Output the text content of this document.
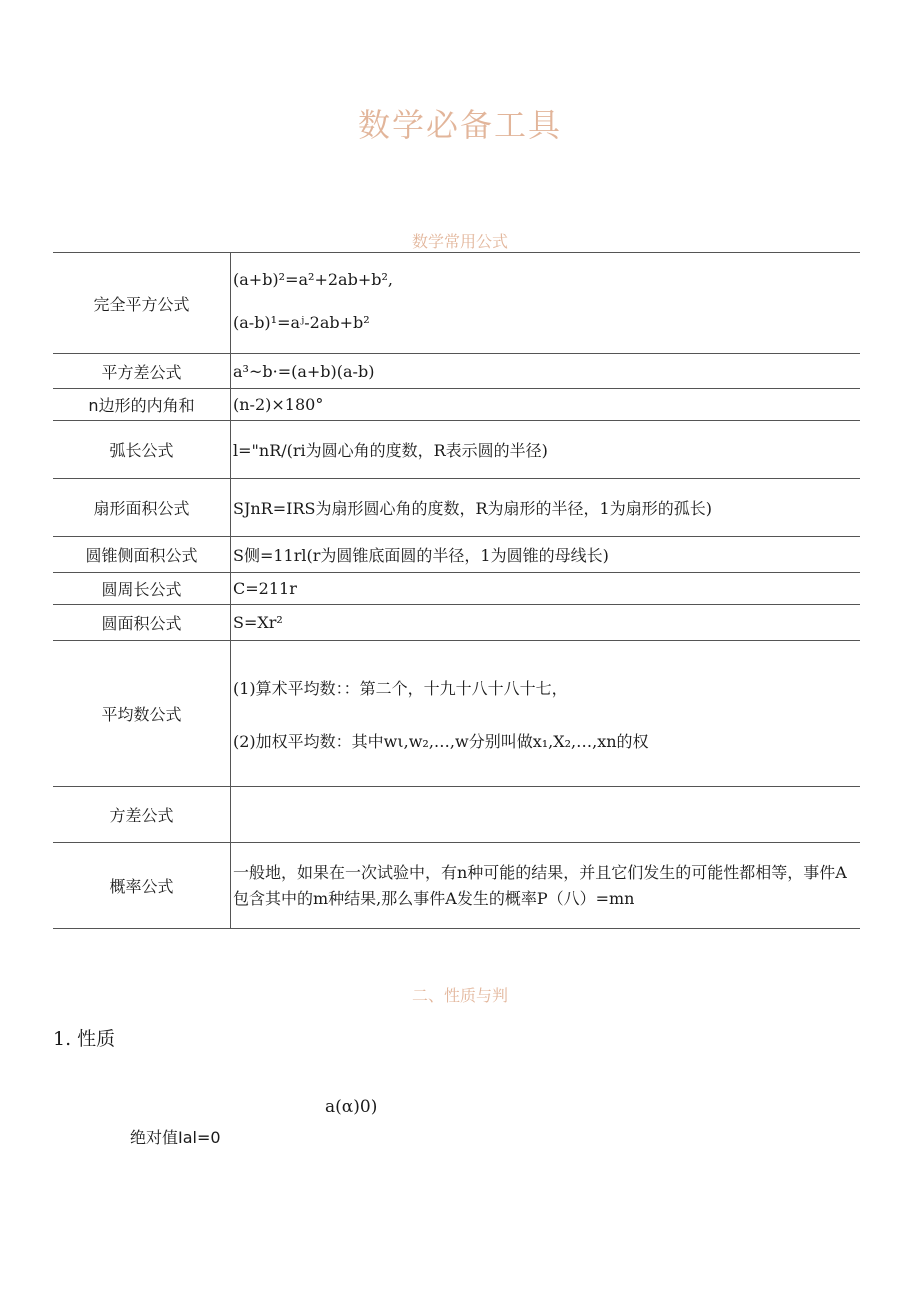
数学必备工具
数学常用公式
完全平方公式	(a+b)²=a²+2ab+b²,
(a-b)¹=aʲ-2ab+b²

平方差公式	a³~b·=(a+b)(a-b)

n边形的内角和	(n-2)×180°

弧长公式	l="nR/(ri为圆心角的度数，R表示圆的半径)

扇形面积公式	SJnR=IRS为扇形圆心角的度数，R为扇形的半径，1为扇形的孤长)

圆锥侧面积公式	S侧=11rl(r为圆锥底面圆的半径，1为圆锥的母线长)

圆周长公式	C=211r

圆面积公式	S=Xr²

平均数公式	(1)算术平均数：：第二个，十九十八十八十七，
(2)加权平均数：其中wι,w₂,…,w分别叫做x₁,X₂,…,xn的权

方差公式	
概率公式	一般地，如果在一次试验中，有n种可能的结果，并且它们发生的可能性都相等，事件A包含其中的m种结果,那么事件A发生的概率P（八）=mn
二、性质与判
1. 性质
a(α)0)
绝对值Ial=0
